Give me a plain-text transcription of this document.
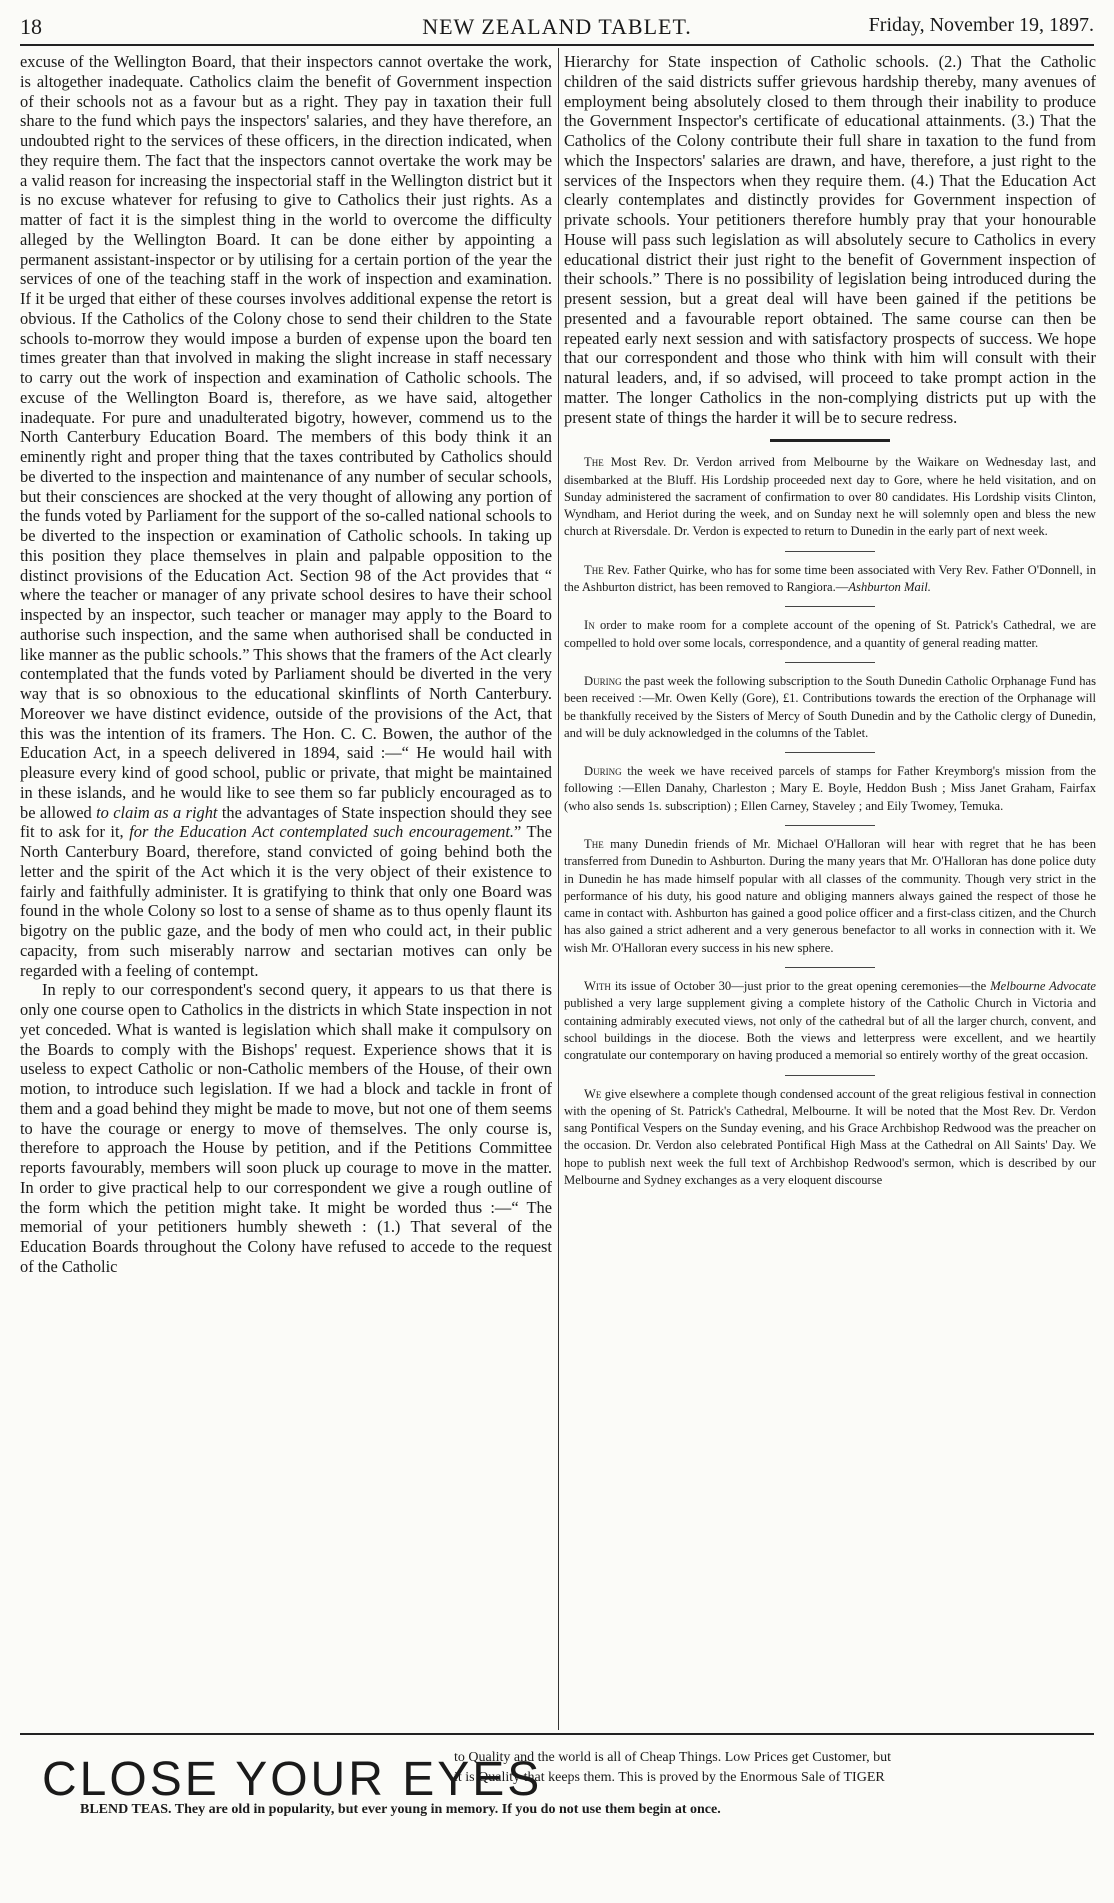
18	NEW ZEALAND TABLET.	Friday, November 19, 1897.

excuse of the Wellington Board, that their inspectors cannot overtake the work, is altogether inadequate. Catholics claim the benefit of Government inspection of their schools not as a favour but as a right. They pay in taxation their full share to the fund which pays the inspectors' salaries, and they have therefore, an undoubted right to the services of these officers, in the direction indicated, when they require them. The fact that the inspectors cannot overtake the work may be a valid reason for increasing the inspectorial staff in the Wellington district but it is no excuse whatever for refusing to give to Catholics their just rights. As a matter of fact it is the simplest thing in the world to overcome the difficulty alleged by the Wellington Board. It can be done either by appointing a permanent assistant-inspector or by utilising for a certain portion of the year the services of one of the teaching staff in the work of inspection and examination. If it be urged that either of these courses involves additional expense the retort is obvious. If the Catholics of the Colony chose to send their children to the State schools to-morrow they would impose a burden of expense upon the board ten times greater than that involved in making the slight increase in staff necessary to carry out the work of inspection and examination of Catholic schools. The excuse of the Wellington Board is, therefore, as we have said, altogether inadequate. For pure and unadulterated bigotry, however, commend us to the North Canterbury Education Board. The members of this body think it an eminently right and proper thing that the taxes contributed by Catholics should be diverted to the inspection and maintenance of any number of secular schools, but their consciences are shocked at the very thought of allowing any portion of the funds voted by Parliament for the support of the so-called national schools to be diverted to the inspection or examination of Catholic schools. In taking up this position they place themselves in plain and palpable opposition to the distinct provisions of the Education Act. Section 98 of the Act provides that “ where the teacher or manager of any private school desires to have their school inspected by an inspector, such teacher or manager may apply to the Board to authorise such inspection, and the same when authorised shall be conducted in like manner as the public schools.” This shows that the framers of the Act clearly contemplated that the funds voted by Parliament should be diverted in the very way that is so obnoxious to the educational skinflints of North Canterbury. Moreover we have distinct evidence, outside of the provisions of the Act, that this was the intention of its framers. The Hon. C. C. Bowen, the author of the Education Act, in a speech delivered in 1894, said :—“ He would hail with pleasure every kind of good school, public or private, that might be maintained in these islands, and he would like to see them so far publicly encouraged as to be allowed to claim as a right the advantages of State inspection should they see fit to ask for it, for the Education Act contemplated such encouragement.” The North Canterbury Board, therefore, stand convicted of going behind both the letter and the spirit of the Act which it is the very object of their existence to fairly and faithfully administer. It is gratifying to think that only one Board was found in the whole Colony so lost to a sense of shame as to thus openly flaunt its bigotry on the public gaze, and the body of men who could act, in their public capacity, from such miserably narrow and sectarian motives can only be regarded with a feeling of contempt.

In reply to our correspondent's second query, it appears to us that there is only one course open to Catholics in the districts in which State inspection in not yet conceded. What is wanted is legislation which shall make it compulsory on the Boards to comply with the Bishops' request. Experience shows that it is useless to expect Catholic or non-Catholic members of the House, of their own motion, to introduce such legislation. If we had a block and tackle in front of them and a goad behind they might be made to move, but not one of them seems to have the courage or energy to move of themselves. The only course is, therefore to approach the House by petition, and if the Petitions Committee reports favourably, members will soon pluck up courage to move in the matter. In order to give practical help to our correspondent we give a rough outline of the form which the petition might take. It might be worded thus :—“ The memorial of your petitioners humbly sheweth : (1.) That several of the Education Boards throughout the Colony have refused to accede to the request of the Catholic

Hierarchy for State inspection of Catholic schools. (2.) That the Catholic children of the said districts suffer grievous hardship thereby, many avenues of employment being absolutely closed to them through their inability to produce the Government Inspector's certificate of educational attainments. (3.) That the Catholics of the Colony contribute their full share in taxation to the fund from which the Inspectors' salaries are drawn, and have, therefore, a just right to the services of the Inspectors when they require them. (4.) That the Education Act clearly contemplates and distinctly provides for Government inspection of private schools. Your petitioners therefore humbly pray that your honourable House will pass such legislation as will absolutely secure to Catholics in every educational district their just right to the benefit of Government inspection of their schools.” There is no possibility of legislation being introduced during the present session, but a great deal will have been gained if the petitions be presented and a favourable report obtained. The same course can then be repeated early next session and with satisfactory prospects of success. We hope that our correspondent and those who think with him will consult with their natural leaders, and, if so advised, will proceed to take prompt action in the matter. The longer Catholics in the non-complying districts put up with the present state of things the harder it will be to secure redress.

The Most Rev. Dr. Verdon arrived from Melbourne by the Waikare on Wednesday last, and disembarked at the Bluff. His Lordship proceeded next day to Gore, where he held visitation, and on Sunday administered the sacrament of confirmation to over 80 candidates. His Lordship visits Clinton, Wyndham, and Heriot during the week, and on Sunday next he will solemnly open and bless the new church at Riversdale. Dr. Verdon is expected to return to Dunedin in the early part of next week.

The Rev. Father Quirke, who has for some time been associated with Very Rev. Father O'Donnell, in the Ashburton district, has been removed to Rangiora.—Ashburton Mail.

In order to make room for a complete account of the opening of St. Patrick's Cathedral, we are compelled to hold over some locals, correspondence, and a quantity of general reading matter.

During the past week the following subscription to the South Dunedin Catholic Orphanage Fund has been received :—Mr. Owen Kelly (Gore), £1. Contributions towards the erection of the Orphanage will be thankfully received by the Sisters of Mercy of South Dunedin and by the Catholic clergy of Dunedin, and will be duly acknowledged in the columns of the Tablet.

During the week we have received parcels of stamps for Father Kreymborg's mission from the following :—Ellen Danahy, Charleston ; Mary E. Boyle, Heddon Bush ; Miss Janet Graham, Fairfax (who also sends 1s. subscription) ; Ellen Carney, Staveley ; and Eily Twomey, Temuka.

The many Dunedin friends of Mr. Michael O'Halloran will hear with regret that he has been transferred from Dunedin to Ashburton. During the many years that Mr. O'Halloran has done police duty in Dunedin he has made himself popular with all classes of the community. Though very strict in the performance of his duty, his good nature and obliging manners always gained the respect of those he came in contact with. Ashburton has gained a good police officer and a first-class citizen, and the Church has also gained a strict adherent and a very generous benefactor to all works in connection with it. We wish Mr. O'Halloran every success in his new sphere.

With its issue of October 30—just prior to the great opening ceremonies—the Melbourne Advocate published a very large supplement giving a complete history of the Catholic Church in Victoria and containing admirably executed views, not only of the cathedral but of all the larger church, convent, and school buildings in the diocese. Both the views and letterpress were excellent, and we heartily congratulate our contemporary on having produced a memorial so entirely worthy of the great occasion.

We give elsewhere a complete though condensed account of the great religious festival in connection with the opening of St. Patrick's Cathedral, Melbourne. It will be noted that the Most Rev. Dr. Verdon sang Pontifical Vespers on the Sunday evening, and his Grace Archbishop Redwood was the preacher on the occasion. Dr. Verdon also celebrated Pontifical High Mass at the Cathedral on All Saints' Day. We hope to publish next week the full text of Archbishop Redwood's sermon, which is described by our Melbourne and Sydney exchanges as a very eloquent discourse

CLOSE YOUR EYES
to Quality and the world is all of Cheap Things. Low Prices get Customer, but
it is Quality that keeps them. This is proved by the Enormous Sale of TIGER
BLEND TEAS. They are old in popularity, but ever young in memory. If you do not use them begin at once.
